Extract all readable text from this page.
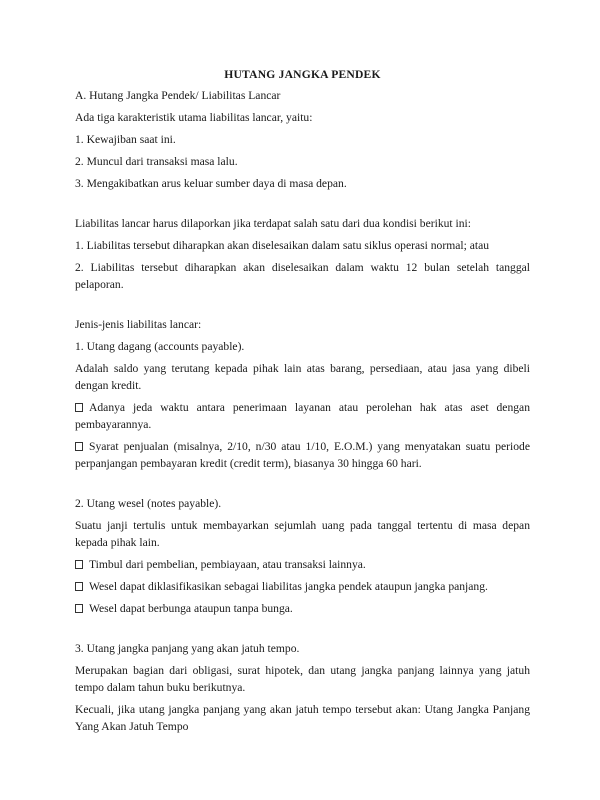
HUTANG JANGKA PENDEK

A. Hutang Jangka Pendek/ Liabilitas Lancar

Ada tiga karakteristik utama liabilitas lancar, yaitu:

1. Kewajiban saat ini.

2. Muncul dari transaksi masa lalu.

3. Mengakibatkan arus keluar sumber daya di masa depan.

Liabilitas lancar harus dilaporkan jika terdapat salah satu dari dua kondisi berikut ini:

1. Liabilitas tersebut diharapkan akan diselesaikan dalam satu siklus operasi normal; atau

2. Liabilitas tersebut diharapkan akan diselesaikan dalam waktu 12 bulan setelah tanggal pelaporan.

Jenis-jenis liabilitas lancar:

1. Utang dagang (accounts payable).

Adalah saldo yang terutang kepada pihak lain atas barang, persediaan, atau jasa yang dibeli dengan kredit.

Adanya jeda waktu antara penerimaan layanan atau perolehan hak atas aset dengan pembayarannya.

Syarat penjualan (misalnya, 2/10, n/30 atau 1/10, E.O.M.) yang menyatakan suatu periode perpanjangan pembayaran kredit (credit term), biasanya 30 hingga 60 hari.

2. Utang wesel (notes payable).

Suatu janji tertulis untuk membayarkan sejumlah uang pada tanggal tertentu di masa depan kepada pihak lain.

Timbul dari pembelian, pembiayaan, atau transaksi lainnya.

Wesel dapat diklasifikasikan sebagai liabilitas jangka pendek ataupun jangka panjang.

Wesel dapat berbunga ataupun tanpa bunga.

3. Utang jangka panjang yang akan jatuh tempo.

Merupakan bagian dari obligasi, surat hipotek, dan utang jangka panjang lainnya yang jatuh tempo dalam tahun buku berikutnya.

Kecuali, jika utang jangka panjang yang akan jatuh tempo tersebut akan: Utang Jangka Panjang Yang Akan Jatuh Tempo
